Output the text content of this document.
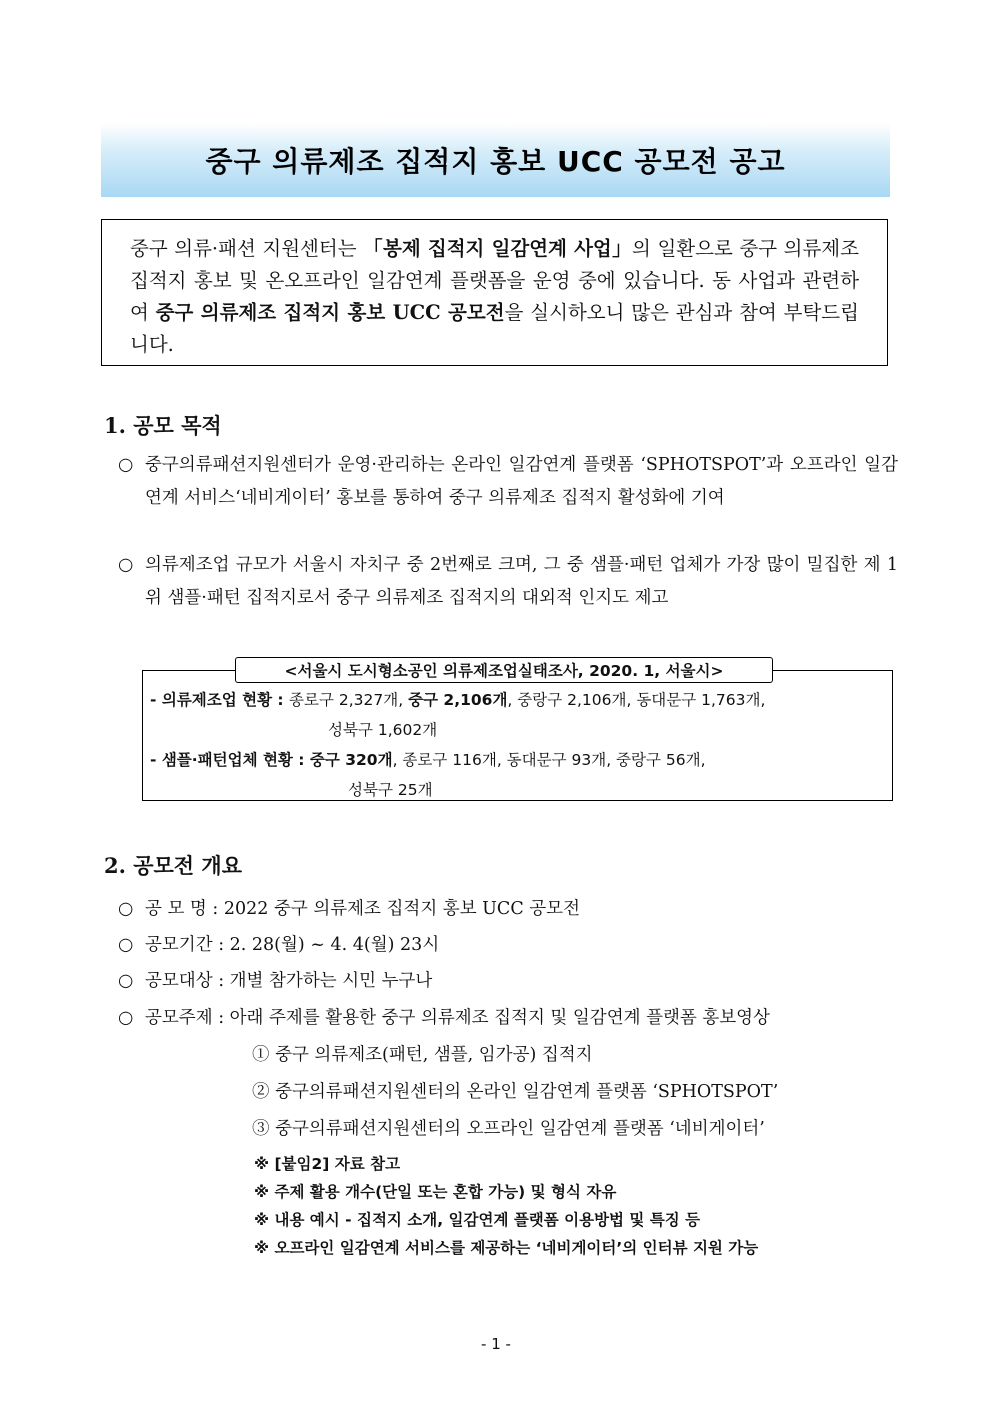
중구 의류제조 집적지 홍보 UCC 공모전 공고
중구 의류·패션 지원센터는 「봉제 집적지 일감연계 사업」의 일환으로 중구 의류제조 집적지 홍보 및 온오프라인 일감연계 플랫폼을 운영 중에 있습니다. 동 사업과 관련하여 중구 의류제조 집적지 홍보 UCC 공모전을 실시하오니 많은 관심과 참여 부탁드립니다.
1. 공모 목적
○ 중구의류패션지원센터가 운영·관리하는 온라인 일감연계 플랫폼 ‘SPHOTSPOT’과 오프라인 일감연계 서비스‘네비게이터’ 홍보를 통하여 중구 의류제조 집적지 활성화에 기여
○ 의류제조업 규모가 서울시 자치구 중 2번째로 크며, 그 중 샘플·패턴 업체가 가장 많이 밀집한 제 1위 샘플·패턴 집적지로서 중구 의류제조 집적지의 대외적 인지도 제고
<서울시 도시형소공인 의류제조업실태조사, 2020. 1, 서울시>
- 의류제조업 현황 : 종로구 2,327개, 중구 2,106개, 중랑구 2,106개, 동대문구 1,763개,
성북구 1,602개
- 샘플·패턴업체 현황 : 중구 320개, 종로구 116개, 동대문구 93개, 중랑구 56개,
성북구 25개
2. 공모전 개요
○ 공 모 명 : 2022 중구 의류제조 집적지 홍보 UCC 공모전
○ 공모기간 : 2. 28(월) ~ 4. 4(월) 23시
○ 공모대상 : 개별 참가하는 시민 누구나
○ 공모주제 : 아래 주제를 활용한 중구 의류제조 집적지 및 일감연계 플랫폼 홍보영상
① 중구 의류제조(패턴, 샘플, 임가공) 집적지
② 중구의류패션지원센터의 온라인 일감연계 플랫폼 ‘SPHOTSPOT’
③ 중구의류패션지원센터의 오프라인 일감연계 플랫폼 ‘네비게이터’
※ [붙임2] 자료 참고
※ 주제 활용 개수(단일 또는 혼합 가능) 및 형식 자유
※ 내용 예시 - 집적지 소개, 일감연계 플랫폼 이용방법 및 특징 등
※ 오프라인 일감연계 서비스를 제공하는 ‘네비게이터’의 인터뷰 지원 가능
- 1 -
